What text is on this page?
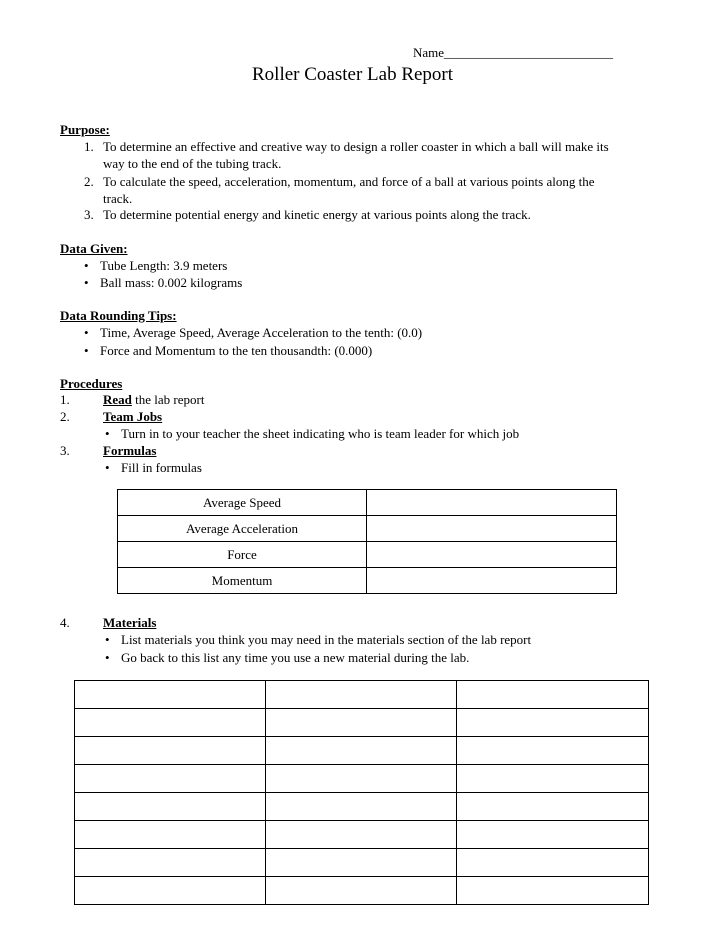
Name__________________________
Roller Coaster Lab Report
Purpose:
1. To determine an effective and creative way to design a roller coaster in which a ball will make its
way to the end of the tubing track.
2. To calculate the speed, acceleration, momentum, and force of a ball at various points along the
track.
3. To determine potential energy and kinetic energy at various points along the track.
Data Given:
• Tube Length: 3.9 meters
• Ball mass: 0.002 kilograms
Data Rounding Tips:
• Time, Average Speed, Average Acceleration to the tenth: (0.0)
• Force and Momentum to the ten thousandth: (0.000)
Procedures
1.	Read the lab report
2.	Team Jobs
• Turn in to your teacher the sheet indicating who is team leader for which job
3.	Formulas
• Fill in formulas
Average Speed	
Average Acceleration	
Force	
Momentum	
4.	Materials
• List materials you think you may need in the materials section of the lab report
• Go back to this list any time you use a new material during the lab.
